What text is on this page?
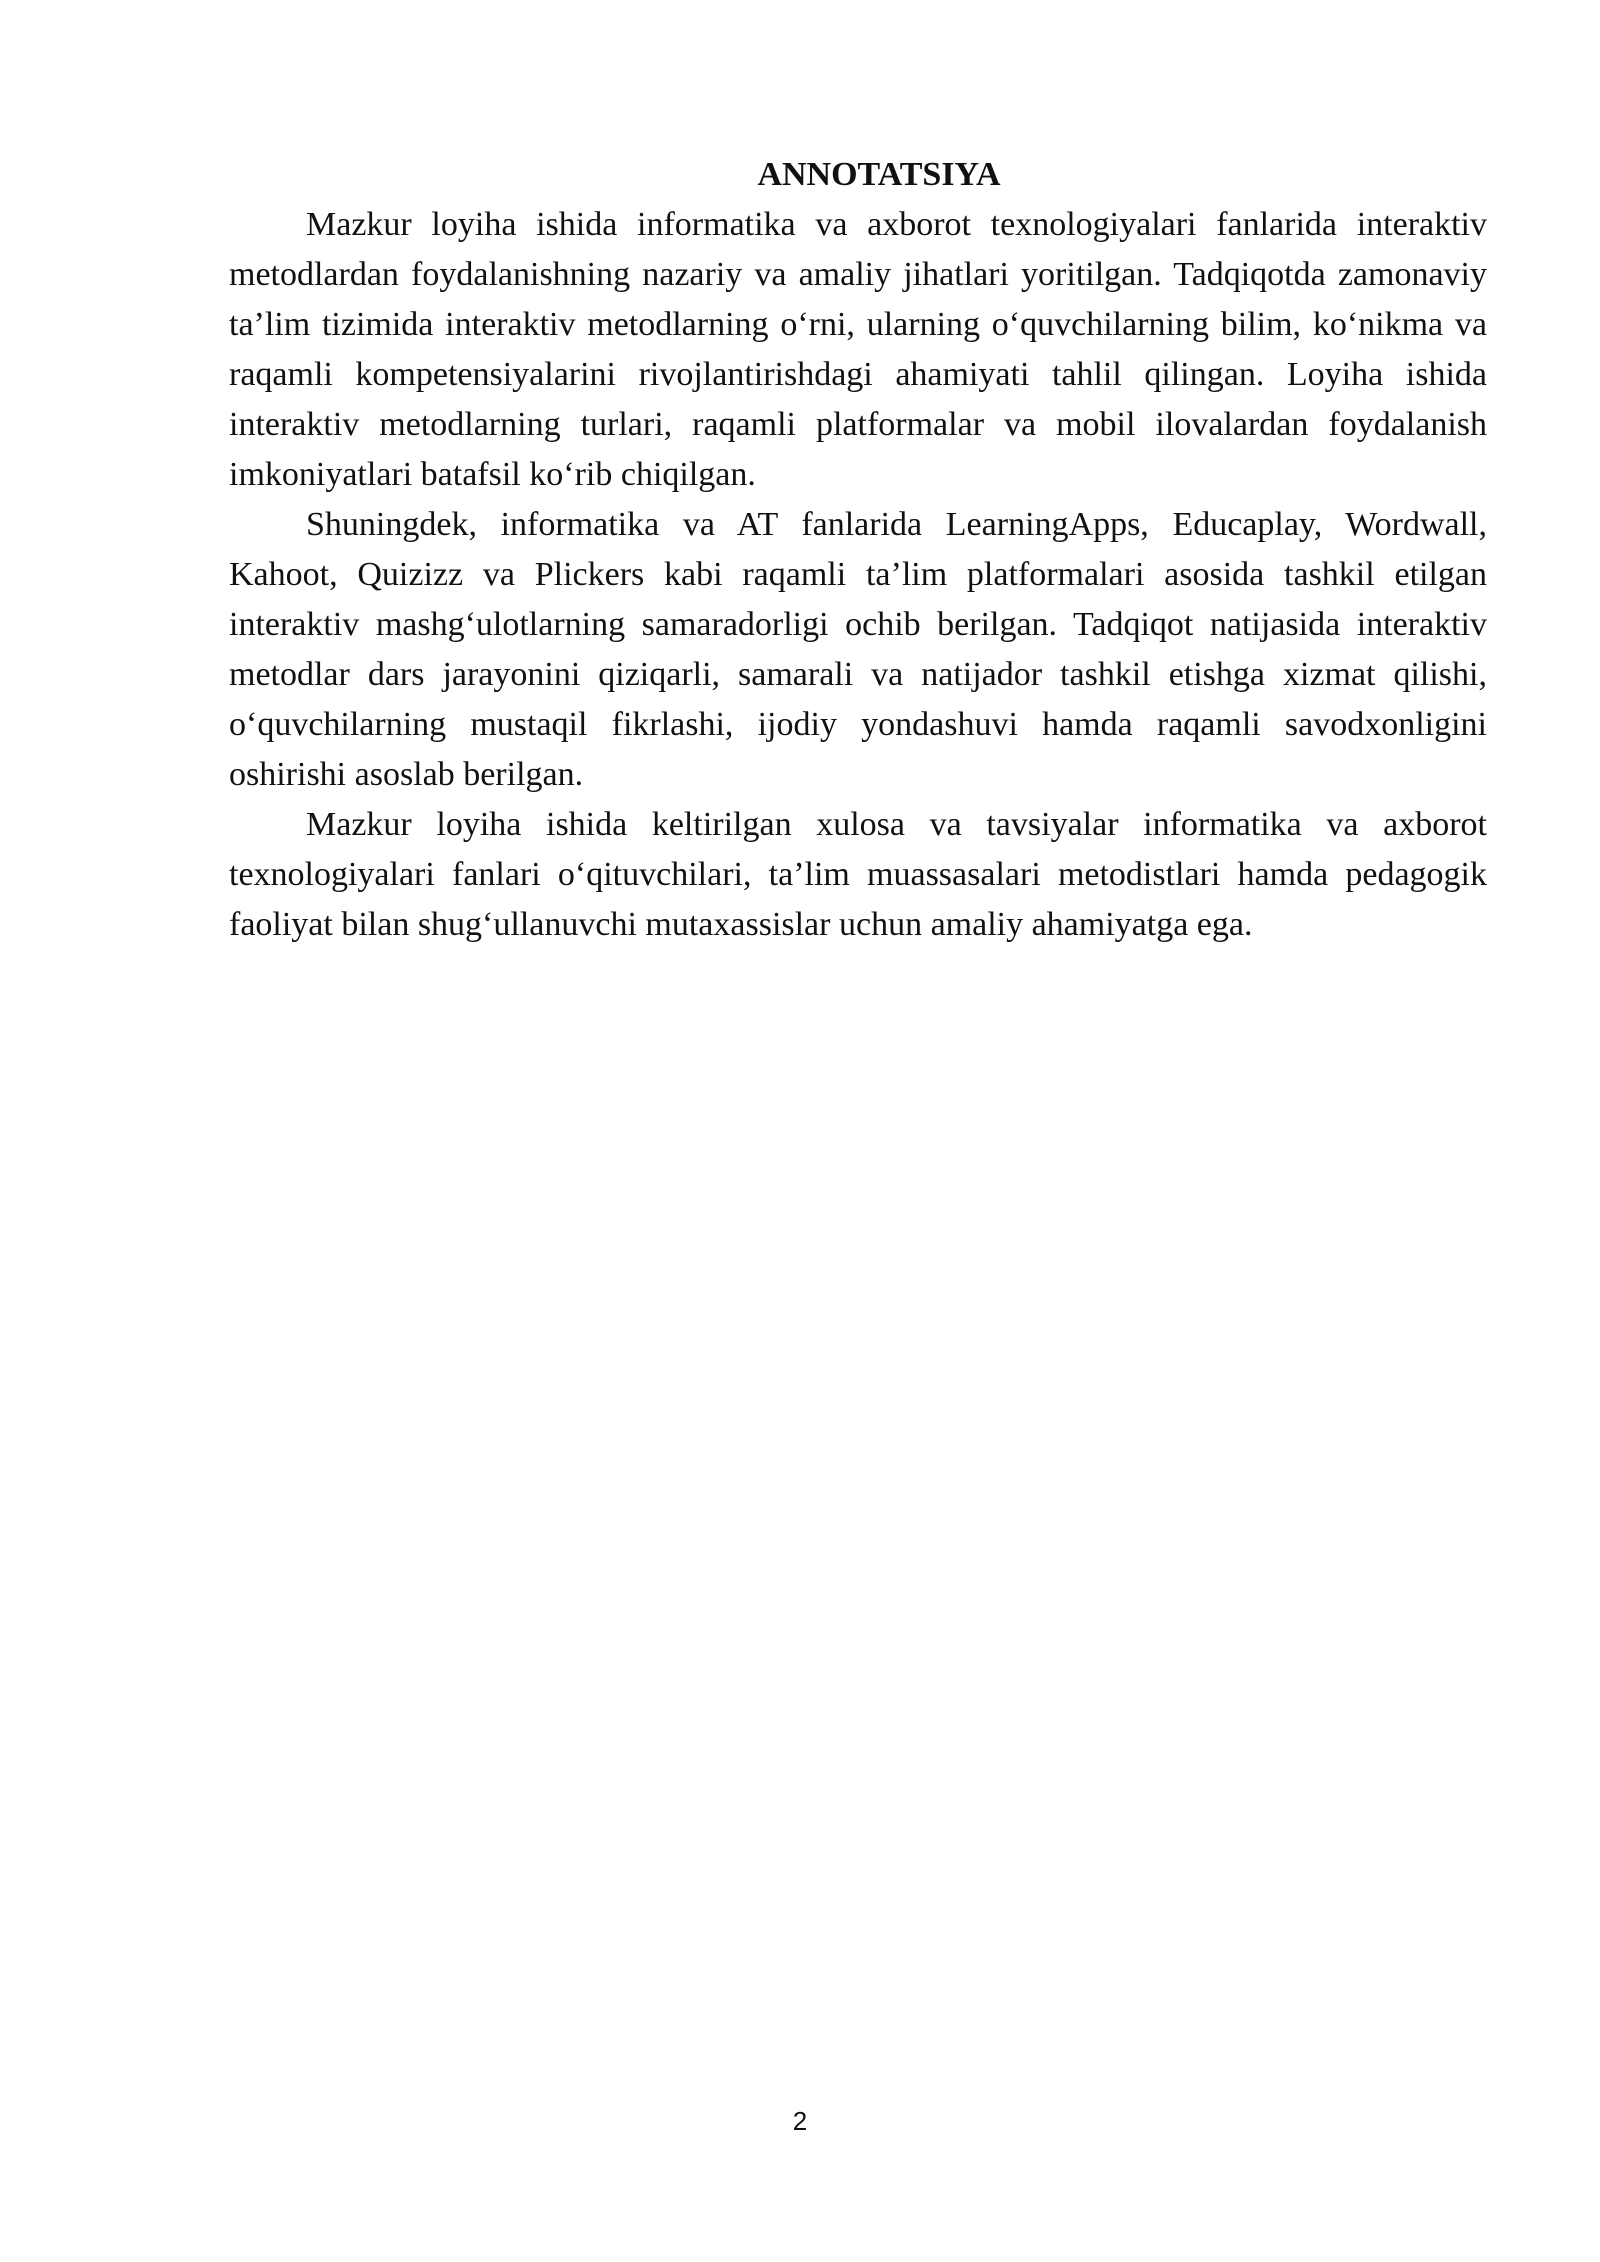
ANNOTATSIYA

Mazkur loyiha ishida informatika va axborot texnologiyalari fanlarida interaktiv metodlardan foydalanishning nazariy va amaliy jihatlari yoritilgan. Tadqiqotda zamonaviy ta’lim tizimida interaktiv metodlarning o‘rni, ularning o‘quvchilarning bilim, ko‘nikma va raqamli kompetensiyalarini rivojlantirishdagi ahamiyati tahlil qilingan. Loyiha ishida interaktiv metodlarning turlari, raqamli platformalar va mobil ilovalardan foydalanish imkoniyatlari batafsil ko‘rib chiqilgan.

Shuningdek, informatika va AT fanlarida LearningApps, Educaplay, Wordwall, Kahoot, Quizizz va Plickers kabi raqamli ta’lim platformalari asosida tashkil etilgan interaktiv mashg‘ulotlarning samaradorligi ochib berilgan. Tadqiqot natijasida interaktiv metodlar dars jarayonini qiziqarli, samarali va natijador tashkil etishga xizmat qilishi, o‘quvchilarning mustaqil fikrlashi, ijodiy yondashuvi hamda raqamli savodxonligini oshirishi asoslab berilgan.

Mazkur loyiha ishida keltirilgan xulosa va tavsiyalar informatika va axborot texnologiyalari fanlari o‘qituvchilari, ta’lim muassasalari metodistlari hamda pedagogik faoliyat bilan shug‘ullanuvchi mutaxassislar uchun amaliy ahamiyatga ega.

2
